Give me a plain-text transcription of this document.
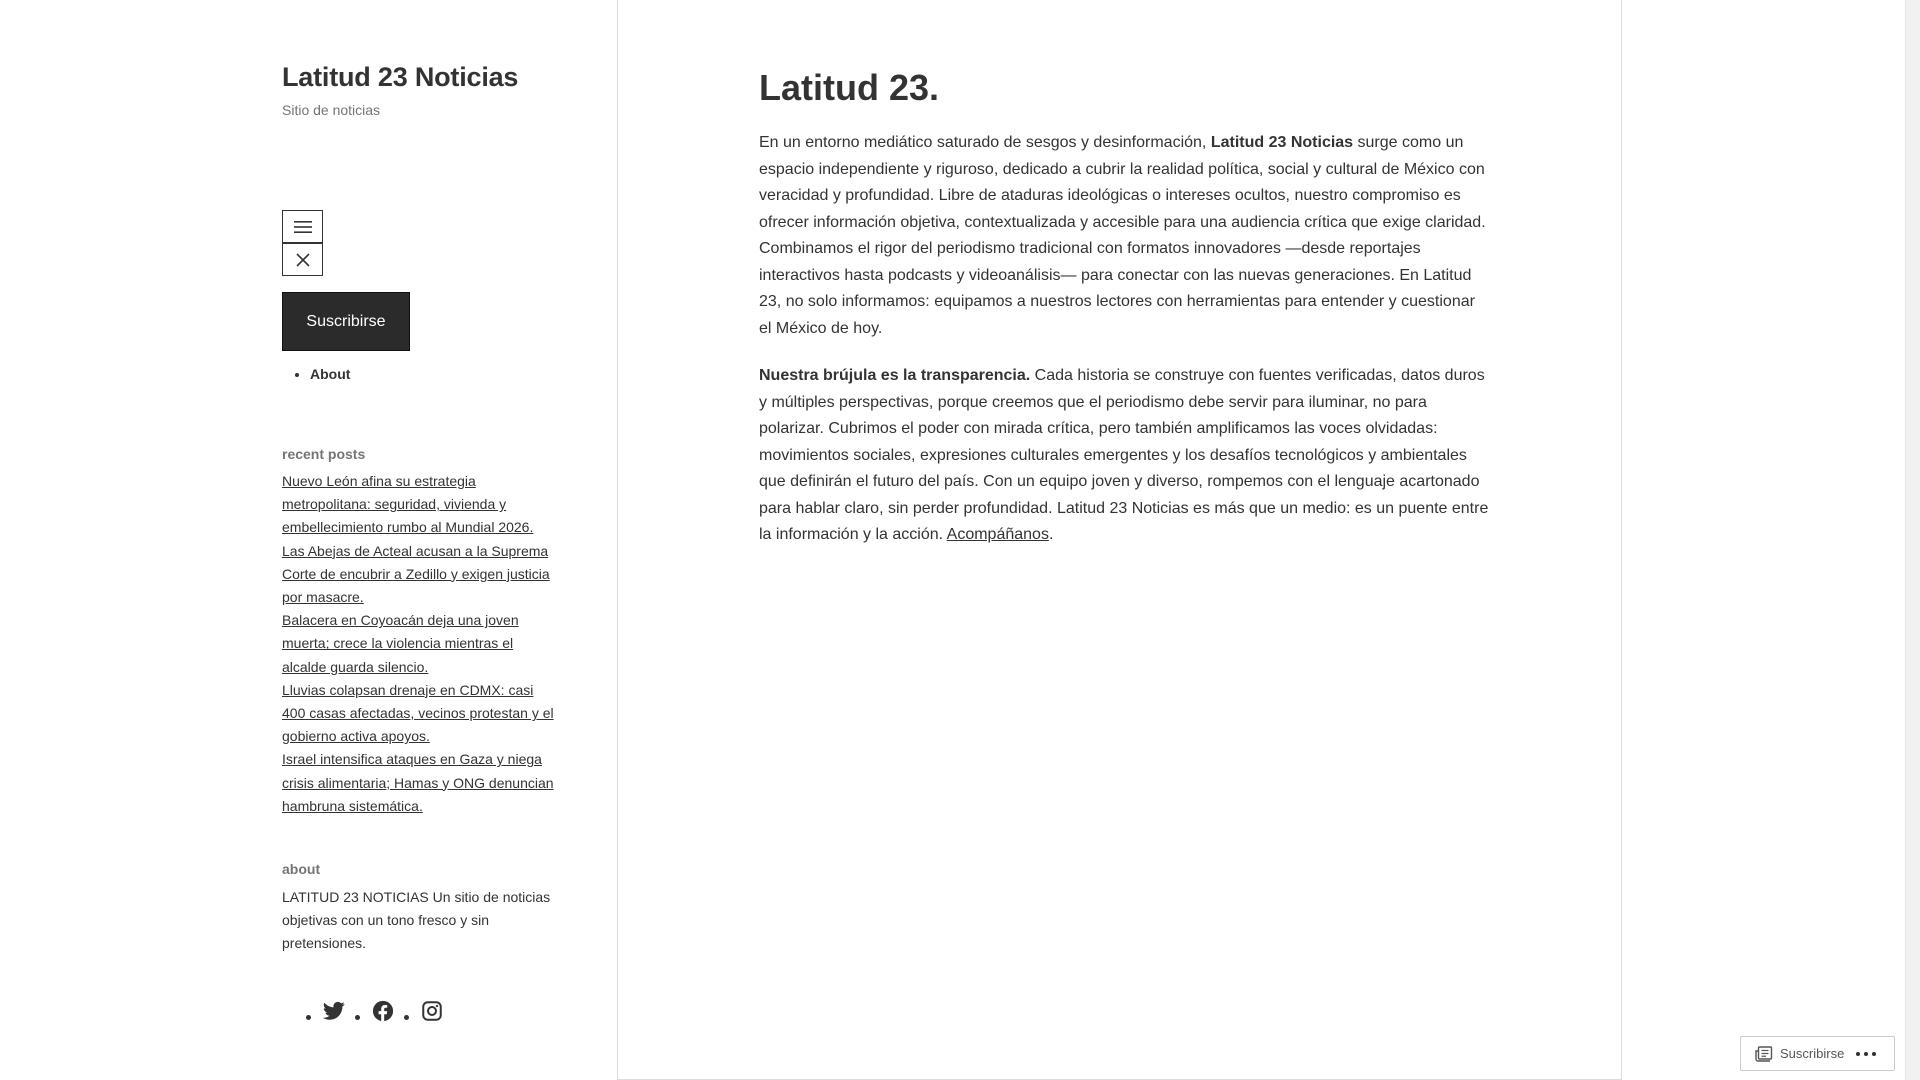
Latitud 23 Noticias

Sitio de noticias

Suscribirse
• About
recent posts
Nuevo León afina su estrategia metropolitana: seguridad, vivienda y embellecimiento rumbo al Mundial 2026.
Las Abejas de Acteal acusan a la Suprema Corte de encubrir a Zedillo y exigen justicia por masacre.
Balacera en Coyoacán deja una joven muerta; crece la violencia mientras el alcalde guarda silencio.
Lluvias colapsan drenaje en CDMX: casi 400 casas afectadas, vecinos protestan y el gobierno activa apoyos.
Israel intensifica ataques en Gaza y niega crisis alimentaria; Hamas y ONG denuncian hambruna sistemática.
about

LATITUD 23 NOTICIAS Un sitio de noticias objetivas con un tono fresco y sin pretensiones.

Latitud 23.

En un entorno mediático saturado de sesgos y desinformación, Latitud 23 Noticias surge como un espacio independiente y riguroso, dedicado a cubrir la realidad política, social y cultural de México con veracidad y profundidad. Libre de ataduras ideológicas o intereses ocultos, nuestro compromiso es ofrecer información objetiva, contextualizada y accesible para una audiencia crítica que exige claridad. Combinamos el rigor del periodismo tradicional con formatos innovadores —desde reportajes interactivos hasta podcasts y videoanálisis— para conectar con las nuevas generaciones. En Latitud 23, no solo informamos: equipamos a nuestros lectores con herramientas para entender y cuestionar el México de hoy.

Nuestra brújula es la transparencia. Cada historia se construye con fuentes verificadas, datos duros y múltiples perspectivas, porque creemos que el periodismo debe servir para iluminar, no para polarizar. Cubrimos el poder con mirada crítica, pero también amplificamos las voces olvidadas: movimientos sociales, expresiones culturales emergentes y los desafíos tecnológicos y ambientales que definirán el futuro del país. Con un equipo joven y diverso, rompemos con el lenguaje acartonado para hablar claro, sin perder profundidad. Latitud 23 Noticias es más que un medio: es un puente entre la información y la acción. Acompáñanos.

Suscribirse
